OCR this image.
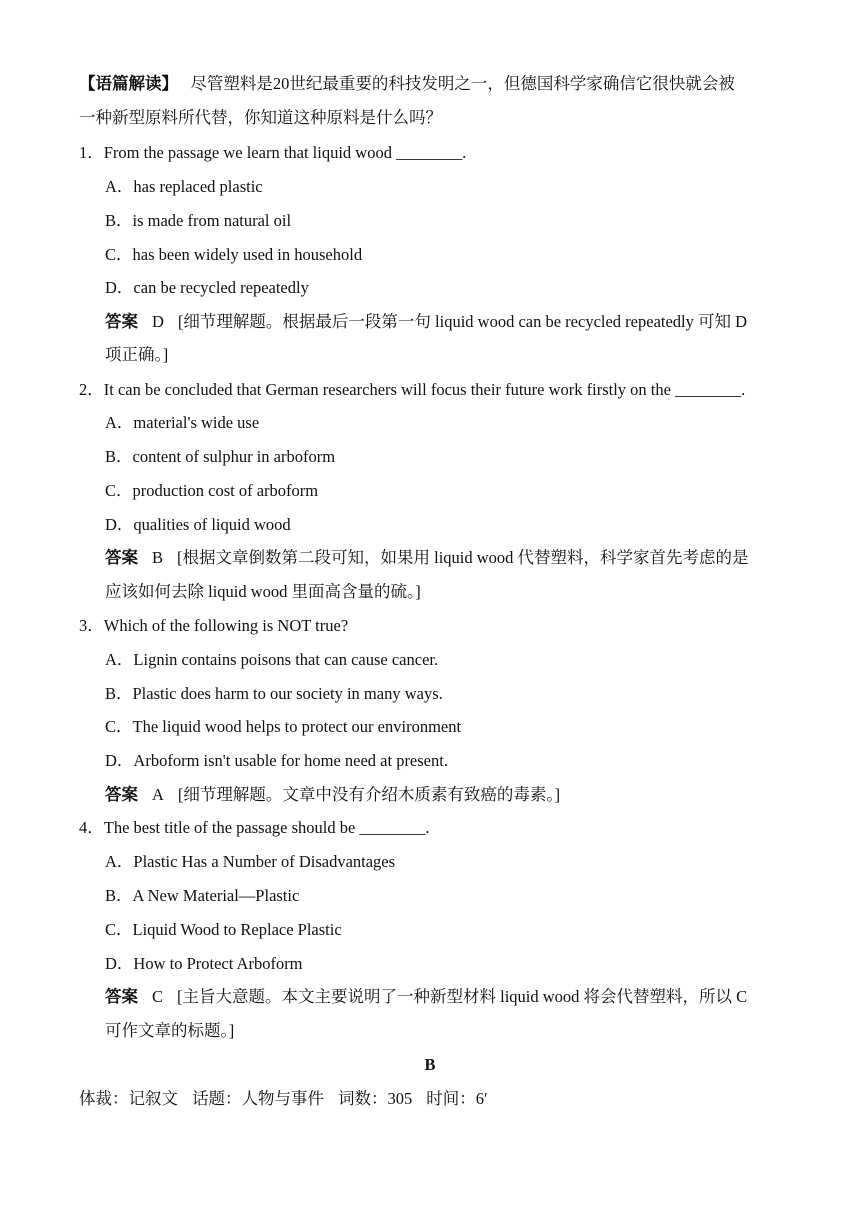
【语篇解读】 尽管塑料是20世纪最重要的科技发明之一，但德国科学家确信它很快就会被
一种新型原料所代替，你知道这种原料是什么吗？
1．From the passage we learn that liquid wood ________.
A．has replaced plastic
B．is made from natural oil
C．has been widely used in household
D．can be recycled repeatedly
答案 D [细节理解题。根据最后一段第一句 liquid wood can be recycled repeatedly 可知 D
项正确。]
2．It can be concluded that German researchers will focus their future work firstly on the ________.
A．material's wide use
B．content of sulphur in arboform
C．production cost of arboform
D．qualities of liquid wood
答案 B [根据文章倒数第二段可知，如果用 liquid wood 代替塑料，科学家首先考虑的是
应该如何去除 liquid wood 里面高含量的硫。]
3．Which of the following is NOT true?
A．Lignin contains poisons that can cause cancer.
B．Plastic does harm to our society in many ways.
C．The liquid wood helps to protect our environment
D．Arboform isn't usable for home need at present.
答案 A [细节理解题。文章中没有介绍木质素有致癌的毒素。]
4．The best title of the passage should be ________.
A．Plastic Has a Number of Disadvantages
B．A New Material—Plastic
C．Liquid Wood to Replace Plastic
D．How to Protect Arboform
答案 C [主旨大意题。本文主要说明了一种新型材料 liquid wood 将会代替塑料，所以 C
可作文章的标题。]
B
体裁：记叙文 话题：人物与事件 词数：305 时间：6′
